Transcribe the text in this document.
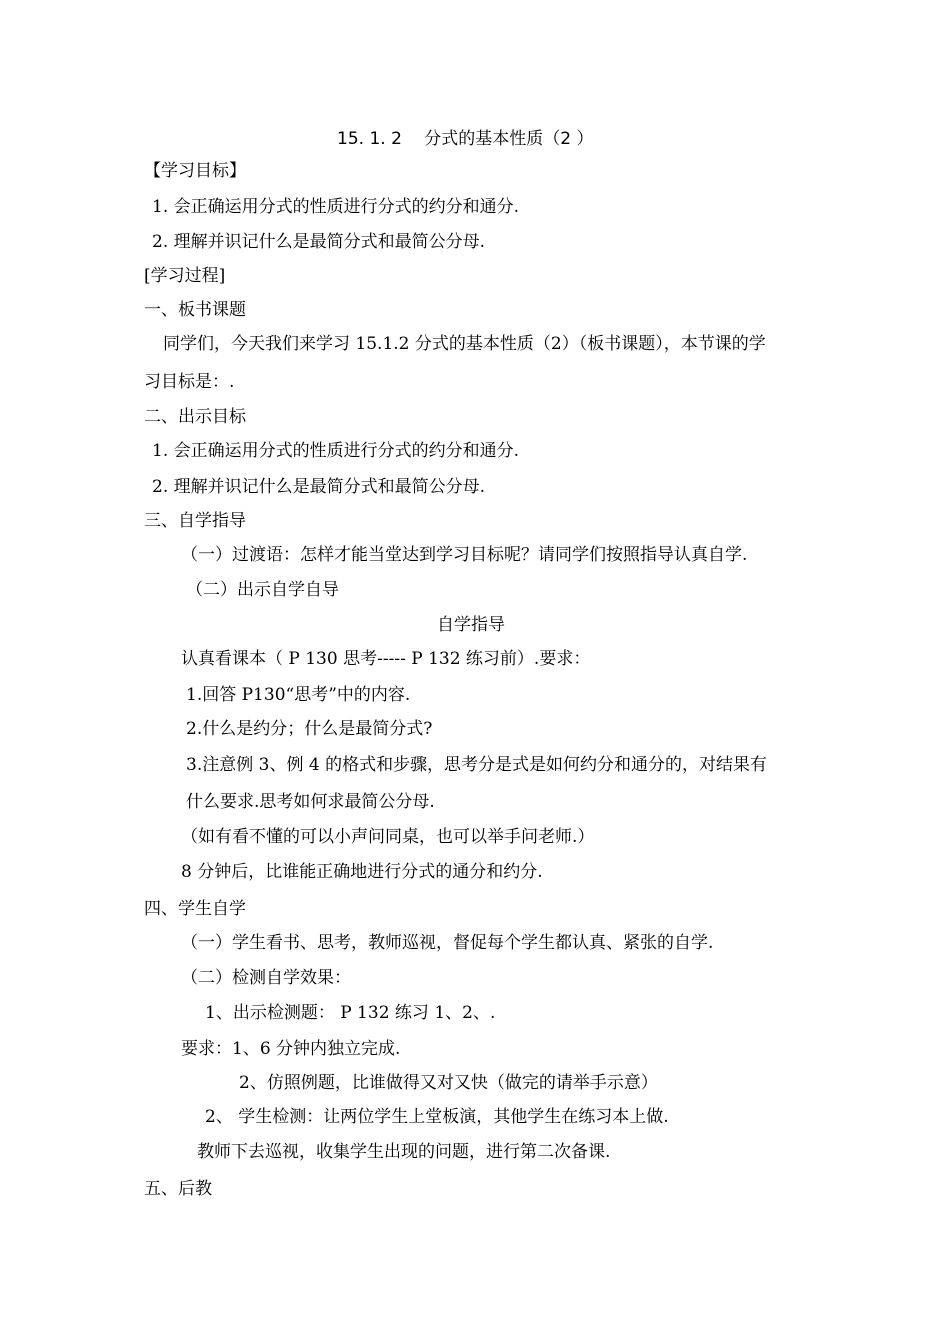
15. 1. 2　 分式的基本性质（2 ）
【学习目标】
1. 会正确运用分式的性质进行分式的约分和通分.
2. 理解并识记什么是最简分式和最简公分母.
[学习过程]
一、板书课题
同学们，今天我们来学习 15.1.2 分式的基本性质（2）（板书课题），本节课的学
习目标是：.
二、出示目标
1. 会正确运用分式的性质进行分式的约分和通分.
2. 理解并识记什么是最简分式和最简公分母.
三、自学指导
（一）过渡语：怎样才能当堂达到学习目标呢？请同学们按照指导认真自学.
（二）出示自学自导
自学指导
认真看课本（ P 130 思考----- P 132 练习前）.要求：
1.回答 P130“思考”中的内容.
2.什么是约分；什么是最简分式?
3.注意例 3、例 4 的格式和步骤，思考分是式是如何约分和通分的，对结果有
什么要求.思考如何求最简公分母.
（如有看不懂的可以小声问同桌，也可以举手问老师.）
8 分钟后，比谁能正确地进行分式的通分和约分.
四、学生自学
（一）学生看书、思考，教师巡视，督促每个学生都认真、紧张的自学.
（二）检测自学效果：
1、出示检测题： P 132 练习 1、2、.
要求：1、6 分钟内独立完成.
2、仿照例题，比谁做得又对又快（做完的请举手示意）
2、 学生检测：让两位学生上堂板演，其他学生在练习本上做.
教师下去巡视，收集学生出现的问题，进行第二次备课.
五、后教
